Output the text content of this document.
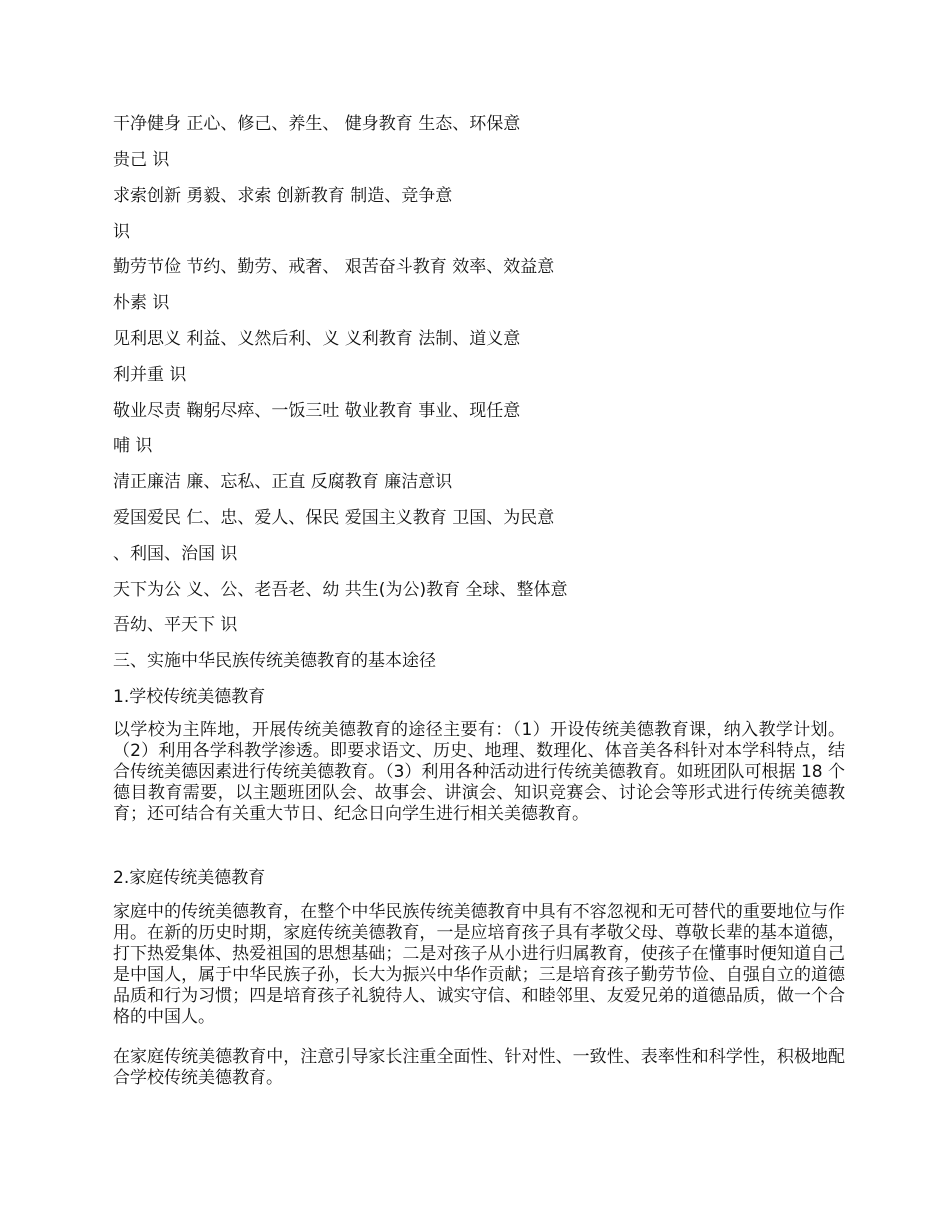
干净健身 正心、修己、养生、 健身教育 生态、环保意
贵己 识
求索创新 勇毅、求索 创新教育 制造、竞争意
识
勤劳节俭 节约、勤劳、戒奢、 艰苦奋斗教育 效率、效益意
朴素 识
见利思义 利益、义然后利、义 义利教育 法制、道义意
利并重 识
敬业尽责 鞠躬尽瘁、一饭三吐 敬业教育 事业、现任意
哺 识
清正廉洁 廉、忘私、正直 反腐教育 廉洁意识
爱国爱民 仁、忠、爱人、保民 爱国主义教育 卫国、为民意
、利国、治国 识
天下为公 义、公、老吾老、幼 共生(为公)教育 全球、整体意
吾幼、平天下 识
三、实施中华民族传统美德教育的基本途径
1.学校传统美德教育
以学校为主阵地，开展传统美德教育的途径主要有：（1）开设传统美德教育课，纳入教学计划。（2）利用各学科教学渗透。即要求语文、历史、地理、数理化、体音美各科针对本学科特点，结合传统美德因素进行传统美德教育。（3）利用各种活动进行传统美德教育。如班团队可根据 18 个德目教育需要，以主题班团队会、故事会、讲演会、知识竞赛会、讨论会等形式进行传统美德教育；还可结合有关重大节日、纪念日向学生进行相关美德教育。
2.家庭传统美德教育
家庭中的传统美德教育，在整个中华民族传统美德教育中具有不容忽视和无可替代的重要地位与作用。在新的历史时期，家庭传统美德教育，一是应培育孩子具有孝敬父母、尊敬长辈的基本道德，打下热爱集体、热爱祖国的思想基础；二是对孩子从小进行归属教育，使孩子在懂事时便知道自己是中国人，属于中华民族子孙，长大为振兴中华作贡献；三是培育孩子勤劳节俭、自强自立的道德品质和行为习惯；四是培育孩子礼貌待人、诚实守信、和睦邻里、友爱兄弟的道德品质，做一个合格的中国人。
在家庭传统美德教育中，注意引导家长注重全面性、针对性、一致性、表率性和科学性，积极地配合学校传统美德教育。
